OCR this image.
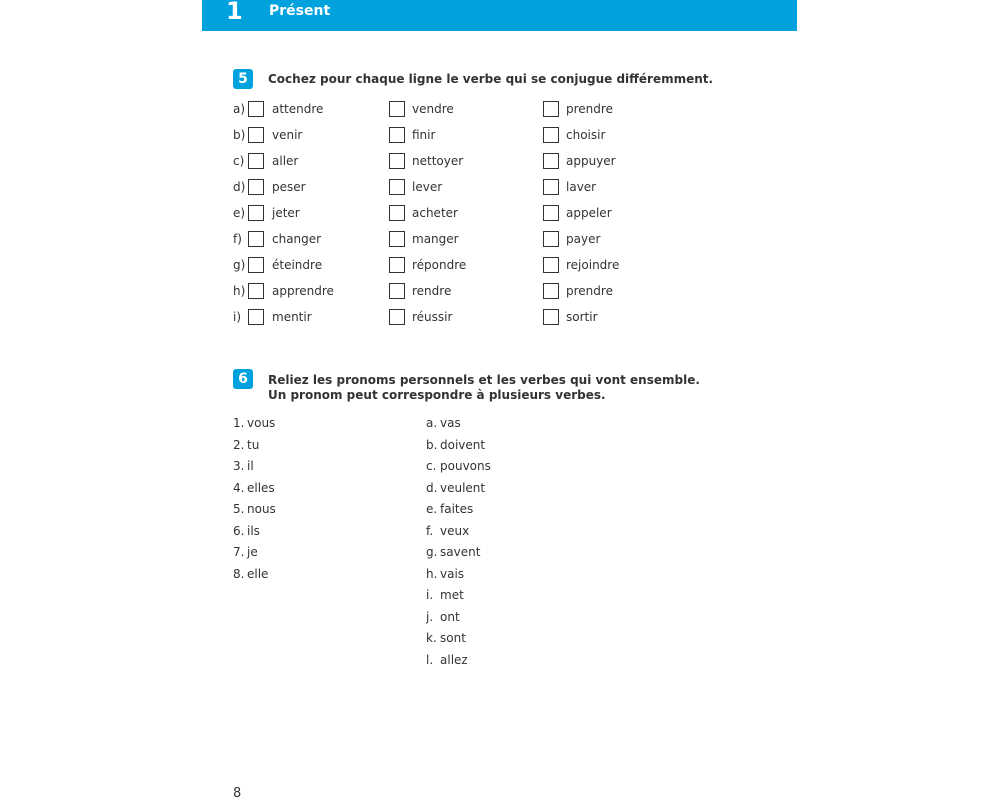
1 Présent
5	Cochez pour chaque ligne le verbe qui se conjugue différemment.
a) attendre	vendre	prendre
b) venir	finir	choisir
c) aller	nettoyer	appuyer
d) peser	lever	laver
e) jeter	acheter	appeler
f)	changer	manger	payer
g) éteindre	répondre	rejoindre
h) apprendre	rendre	prendre
i)	mentir	réussir	sortir
6	Reliez les pronoms personnels et les verbes qui vont ensemble.
Un pronom peut correspondre à plusieurs verbes.
1. vous
2. tu
3. il
4. elles
5. nous
6. ils
7. je
8. elle
a. vas
b. doivent
c. pouvons
d. veulent
e. faites
f. veux
g. savent
h. vais
i. met
j. ont
k. sont
l. allez
8
